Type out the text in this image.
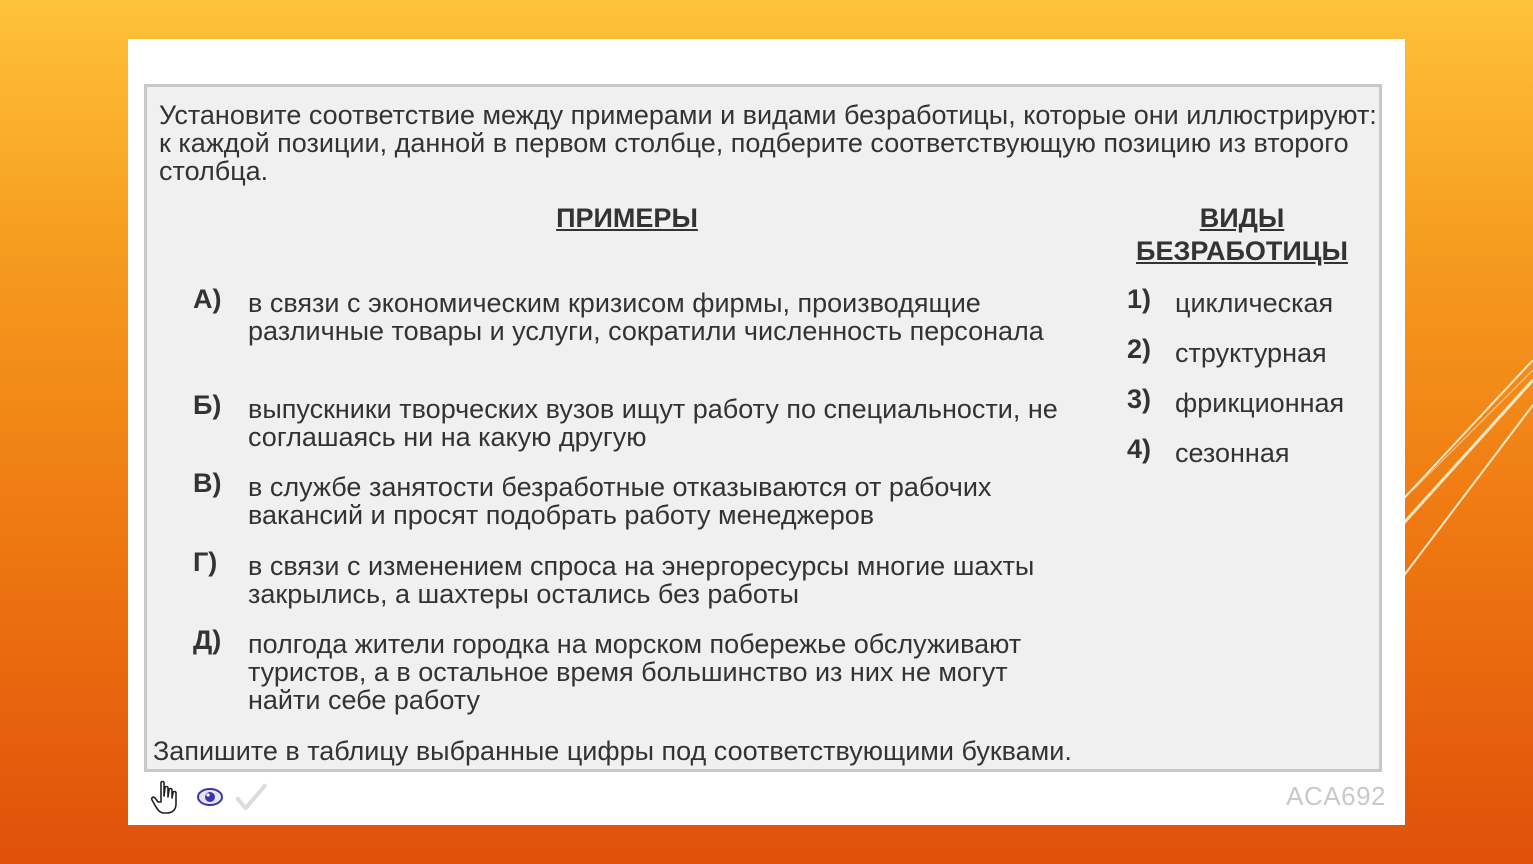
Установите соответствие между примерами и видами безработицы, которые они иллюстрируют: к каждой позиции, данной в первом столбце, подберите соответствующую позицию из второго столбца.
ПРИМЕРЫ	ВИДЫ БЕЗРАБОТИЦЫ
А) в связи с экономическим кризисом фирмы, производящие различные товары и услуги, сократили численность персонала
Б) выпускники творческих вузов ищут работу по специальности, не соглашаясь ни на какую другую
В) в службе занятости безработные отказываются от рабочих вакансий и просят подобрать работу менеджеров
Г) в связи с изменением спроса на энергоресурсы многие шахты закрылись, а шахтеры остались без работы
Д) полгода жители городка на морском побережье обслуживают туристов, а в остальное время большинство из них не могут найти себе работу
1) циклическая
2) структурная
3) фрикционная
4) сезонная
Запишите в таблицу выбранные цифры под соответствующими буквами.
ACA692
